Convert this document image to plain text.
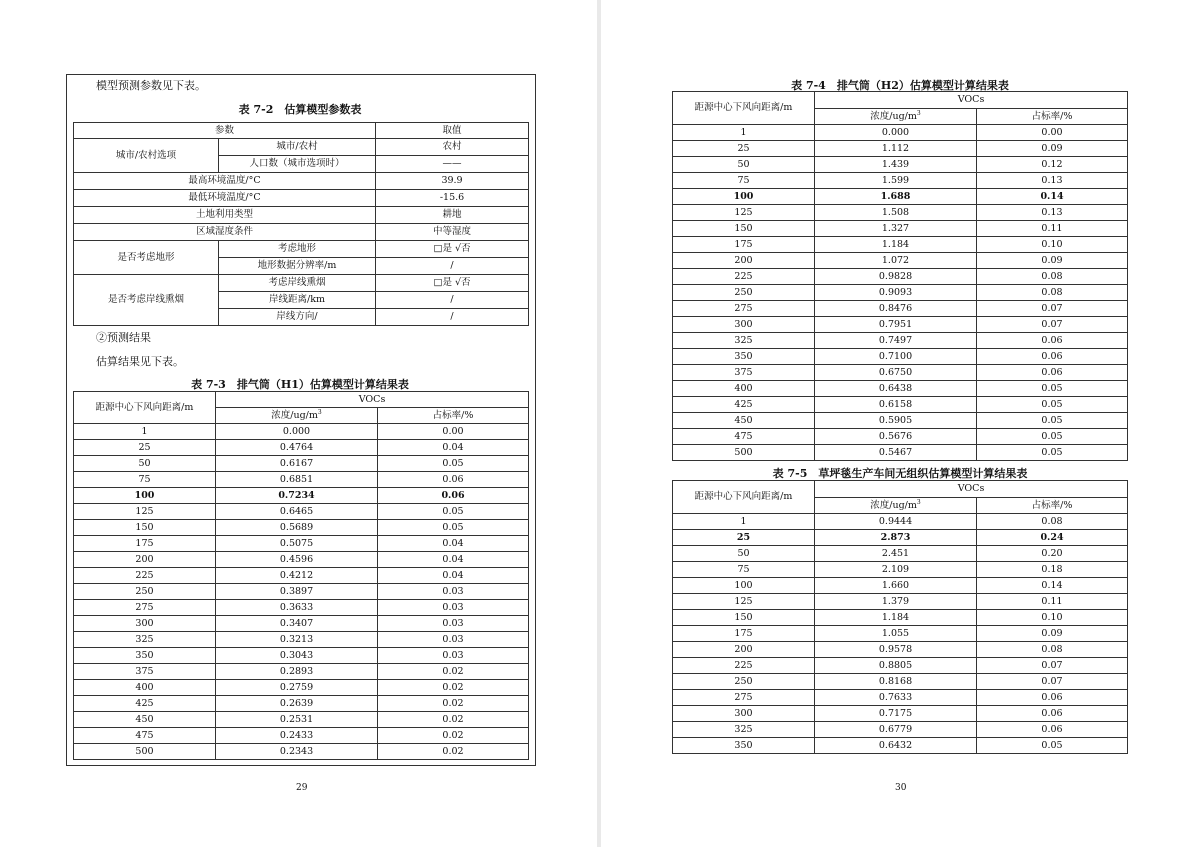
模型预测参数见下表。
表 7-2　估算模型参数表
参数		取值
城市/农村选项	城市/农村	农村
	人口数（城市选项时）	——
最高环境温度/°C		39.9
最低环境温度/°C		-15.6
土地利用类型		耕地
区域湿度条件		中等湿度
是否考虑地形	考虑地形	□是 √否
	地形数据分辨率/m	/
是否考虑岸线熏烟	考虑岸线熏烟	□是 √否
	岸线距离/km	/
	岸线方向/	/
②预测结果
估算结果见下表。
表 7-3　排气筒（H1）估算模型计算结果表
距源中心下风向距离/m	VOCs	
	浓度$/ug/m^3$	占标率/%
1	0.000	0.00
25	0.4764	0.04
50	0.6167	0.05
75	0.6851	0.06
100	0.7234	0.06
125	0.6465	0.05
150	0.5689	0.05
175	0.5075	0.04
200	0.4596	0.04
225	0.4212	0.04
250	0.3897	0.03
275	0.3633	0.03
300	0.3407	0.03
325	0.3213	0.03
350	0.3043	0.03
375	0.2893	0.02
400	0.2759	0.02
425	0.2639	0.02
450	0.2531	0.02
475	0.2433	0.02
500	0.2343	0.02
29
表 7-4　排气筒（H2）估算模型计算结果表
距源中心下风向距离/m	VOCs	
	浓度$/ug/m^3$	占标率/%
1	0.000	0.00
25	1.112	0.09
50	1.439	0.12
75	1.599	0.13
100	1.688	0.14
125	1.508	0.13
150	1.327	0.11
175	1.184	0.10
200	1.072	0.09
225	0.9828	0.08
250	0.9093	0.08
275	0.8476	0.07
300	0.7951	0.07
325	0.7497	0.06
350	0.7100	0.06
375	0.6750	0.06
400	0.6438	0.05
425	0.6158	0.05
450	0.5905	0.05
475	0.5676	0.05
500	0.5467	0.05
表 7-5　草坪毯生产车间无组织估算模型计算结果表
距源中心下风向距离/m	VOCs	
	浓度$/ug/m^3$	占标率/%
1	0.9444	0.08
25	2.873	0.24
50	2.451	0.20
75	2.109	0.18
100	1.660	0.14
125	1.379	0.11
150	1.184	0.10
175	1.055	0.09
200	0.9578	0.08
225	0.8805	0.07
250	0.8168	0.07
275	0.7633	0.06
300	0.7175	0.06
325	0.6779	0.06
350	0.6432	0.05
30
